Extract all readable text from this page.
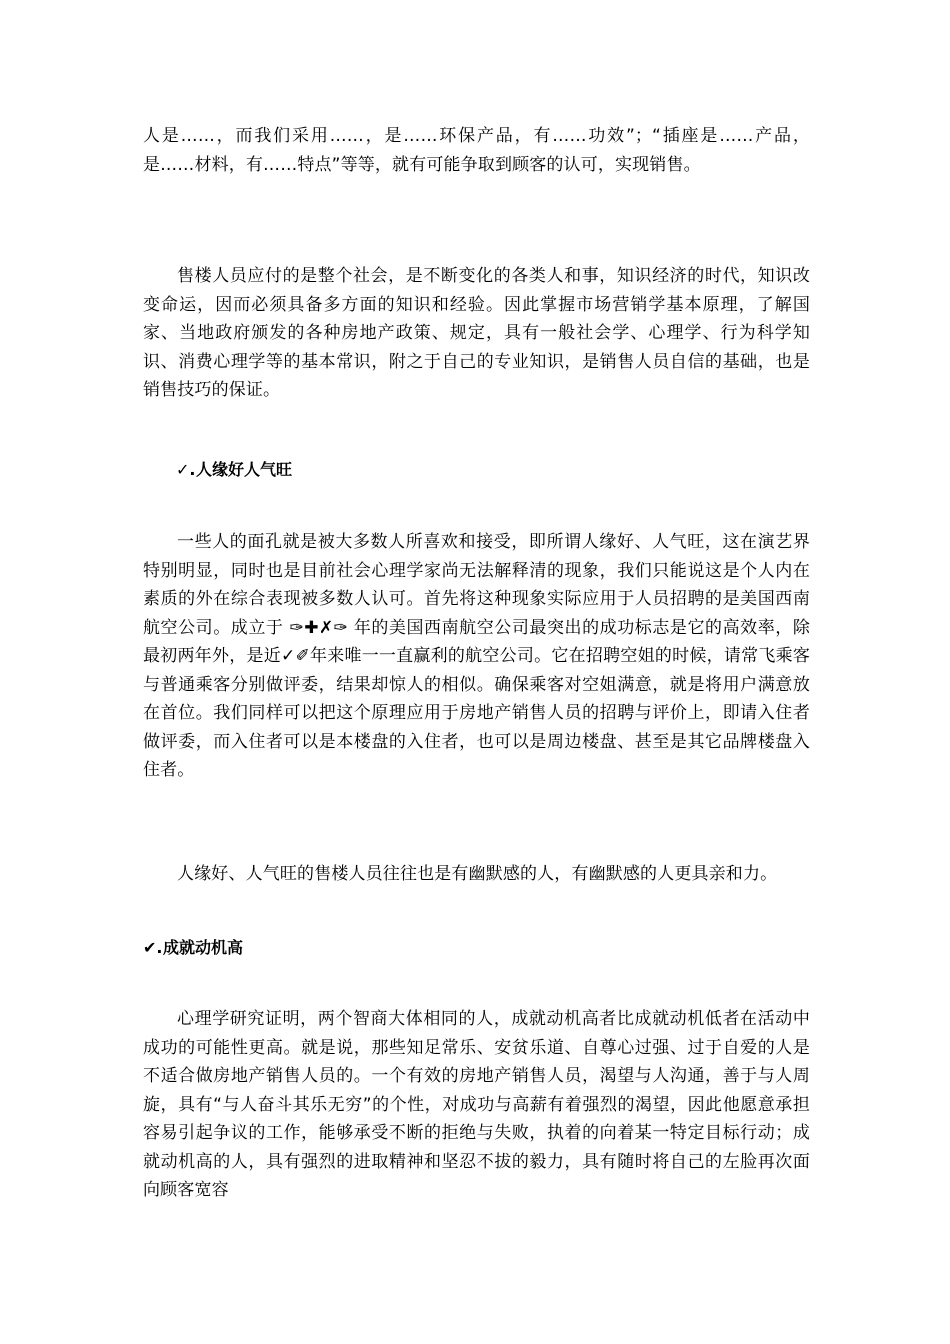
人是……，而我们采用……，是……环保产品，有……功效”；“插座是……产品，是……材料，有……特点”等等，就有可能争取到顾客的认可，实现销售。

售楼人员应付的是整个社会，是不断变化的各类人和事，知识经济的时代，知识改变命运，因而必须具备多方面的知识和经验。因此掌握市场营销学基本原理，了解国家、当地政府颁发的各种房地产政策、规定，具有一般社会学、心理学、行为科学知识、消费心理学等的基本常识，附之于自己的专业知识，是销售人员自信的基础，也是销售技巧的保证。

✓.人缘好人气旺

一些人的面孔就是被大多数人所喜欢和接受，即所谓人缘好、人气旺，这在演艺界特别明显，同时也是目前社会心理学家尚无法解释清的现象，我们只能说这是个人内在素质的外在综合表现被多数人认可。首先将这种现象实际应用于人员招聘的是美国西南航空公司。成立于 ✑✚✗✑ 年的美国西南航空公司最突出的成功标志是它的高效率，除最初两年外，是近✓✐年来唯一一直赢利的航空公司。它在招聘空姐的时候，请常飞乘客与普通乘客分别做评委，结果却惊人的相似。确保乘客对空姐满意，就是将用户满意放在首位。我们同样可以把这个原理应用于房地产销售人员的招聘与评价上，即请入住者做评委，而入住者可以是本楼盘的入住者，也可以是周边楼盘、甚至是其它品牌楼盘入住者。

人缘好、人气旺的售楼人员往往也是有幽默感的人，有幽默感的人更具亲和力。

✔.成就动机高

心理学研究证明，两个智商大体相同的人，成就动机高者比成就动机低者在活动中成功的可能性更高。就是说，那些知足常乐、安贫乐道、自尊心过强、过于自爱的人是不适合做房地产销售人员的。一个有效的房地产销售人员，渴望与人沟通，善于与人周旋，具有“与人奋斗其乐无穷”的个性，对成功与高薪有着强烈的渴望，因此他愿意承担容易引起争议的工作，能够承受不断的拒绝与失败，执着的向着某一特定目标行动；成就动机高的人，具有强烈的进取精神和坚忍不拔的毅力，具有随时将自己的左脸再次面向顾客宽容
